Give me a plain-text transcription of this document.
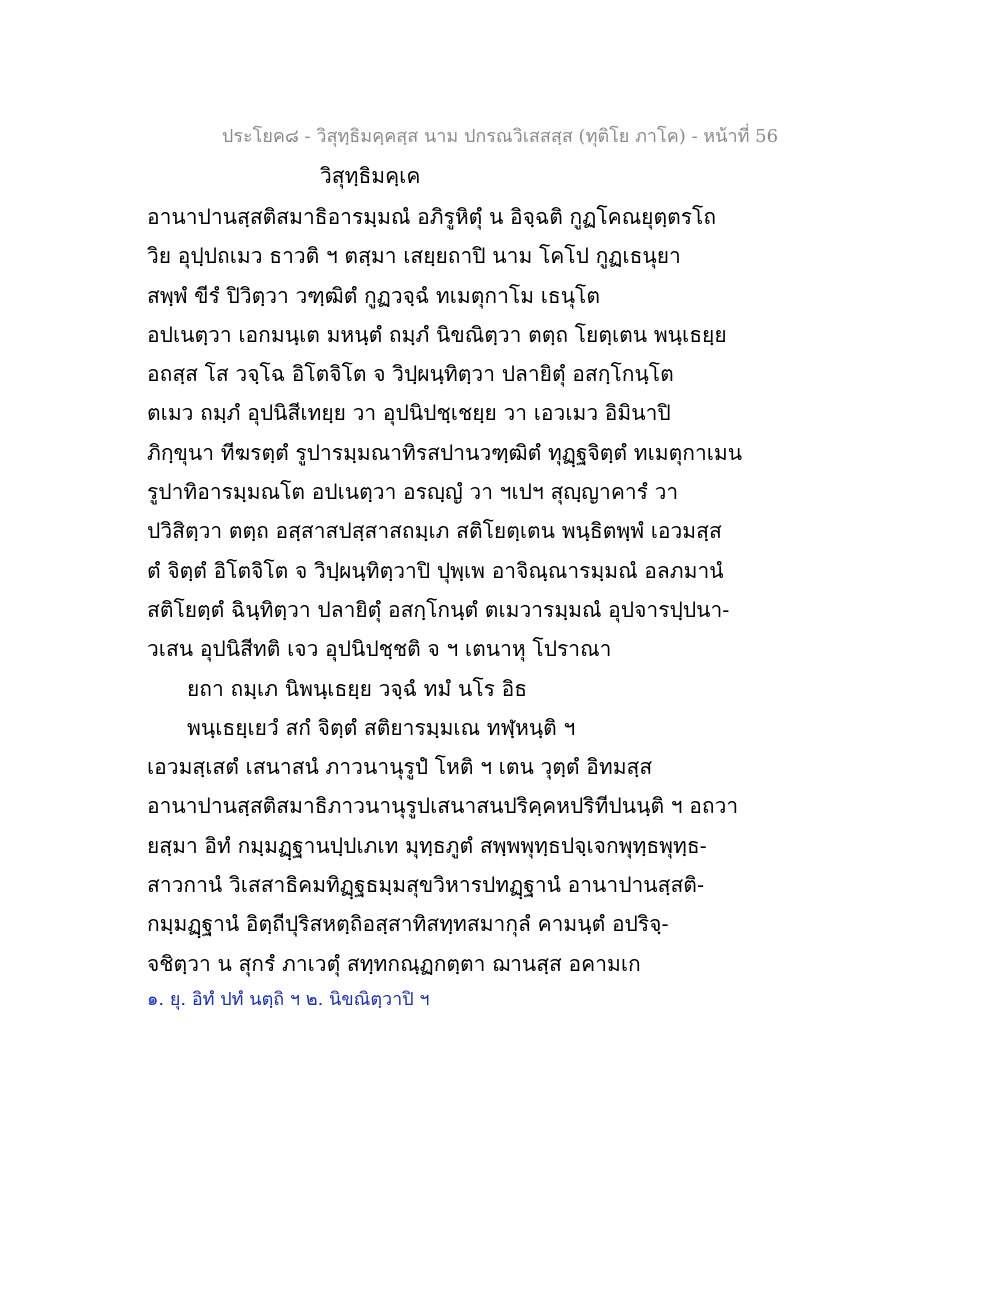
ประโยค๘ - วิสุทฺธิมคฺคสฺส นาม ปกรณวิเสสสฺส (ทุติโย ภาโค) - หน้าที่ 56
วิสุทฺธิมคฺเค
อานาปานสฺสติสมาธิอารมฺมณํ อภิรูหิตุํ น อิจฺฉติ กูฏโคณยุตฺตรโถ
วิย อุปฺปถเมว ธาวติ ฯ ตสฺมา เสยฺยถาปิ นาม โคโป กูฏเธนุยา
สพฺพํ ขีรํ ปิวิตฺวา วฑฺฒิตํ กูฏวจฺฉํ ทเมตุกาโม เธนุโต
อปเนตฺวา เอกมนฺเต มหนฺตํ ถมฺภํ นิขณิตฺวา ตตฺถ โยตฺเตน พนฺเธยฺย
อถสฺส โส วจฺโฉ อิโตจิโต จ วิปฺผนฺทิตฺวา ปลายิตุํ อสกฺโกนฺโต
ตเมว ถมฺภํ อุปนิสีเทยฺย วา อุปนิปชฺเชยฺย วา เอวเมว อิมินาปิ
ภิกฺขุนา ทีฆรตฺตํ รูปารมฺมณาทิรสปานวฑฺฒิตํ ทุฏฺฐจิตฺตํ ทเมตุกาเมน
รูปาทิอารมฺมณโต อปเนตฺวา อรญฺญํ วา ฯเปฯ สุญฺญาคารํ วา
ปวิสิตฺวา ตตฺถ อสฺสาสปสฺสาสถมฺเภ สติโยตฺเตน พนฺธิตพฺพํ เอวมสฺส
ตํ จิตฺตํ อิโตจิโต จ วิปฺผนฺทิตฺวาปิ ปุพฺเพ อาจิณฺณารมฺมณํ อลภมานํ
สติโยตฺตํ ฉินฺทิตฺวา ปลายิตุํ อสกฺโกนฺตํ ตเมวารมฺมณํ อุปจารปฺปนา-
วเสน อุปนิสีทติ เจว อุปนิปชฺชติ จ ฯ เตนาหุ โปราณา
ยถา ถมฺเภ นิพนฺเธยฺย วจฺฉํ ทมํ นโร อิธ
พนฺเธยฺเยวํ สกํ จิตฺตํ สติยารมฺมเณ ทฬฺหนฺติ ฯ
เอวมสฺเสตํ เสนาสนํ ภาวนานุรูปํ โหติ ฯ เตน วุตฺตํ อิทมสฺส
อานาปานสฺสติสมาธิภาวนานุรูปเสนาสนปริคฺคหปริทีปนนฺติ ฯ อถวา
ยสฺมา อิทํ กมฺมฏฺฐานปฺปเภเท มุทฺธภูตํ สพฺพพุทฺธปจฺเจกพุทฺธพุทฺธ-
สาวกานํ วิเสสาธิคมทิฏฺฐธมฺมสุขวิหารปทฏฺฐานํ อานาปานสฺสติ-
กมฺมฏฺฐานํ อิตฺถีปุริสหตฺถิอสฺสาทิสทฺทสมากุลํ คามนฺตํ อปริจฺ-
จชิตฺวา น สุกรํ ภาเวตุํ สทฺทกณฺฏกตฺตา ฌานสฺส อคามเก
๑. ยุ. อิทํ ปทํ นตฺถิ ฯ ๒. นิขณิตฺวาปิ ฯ
